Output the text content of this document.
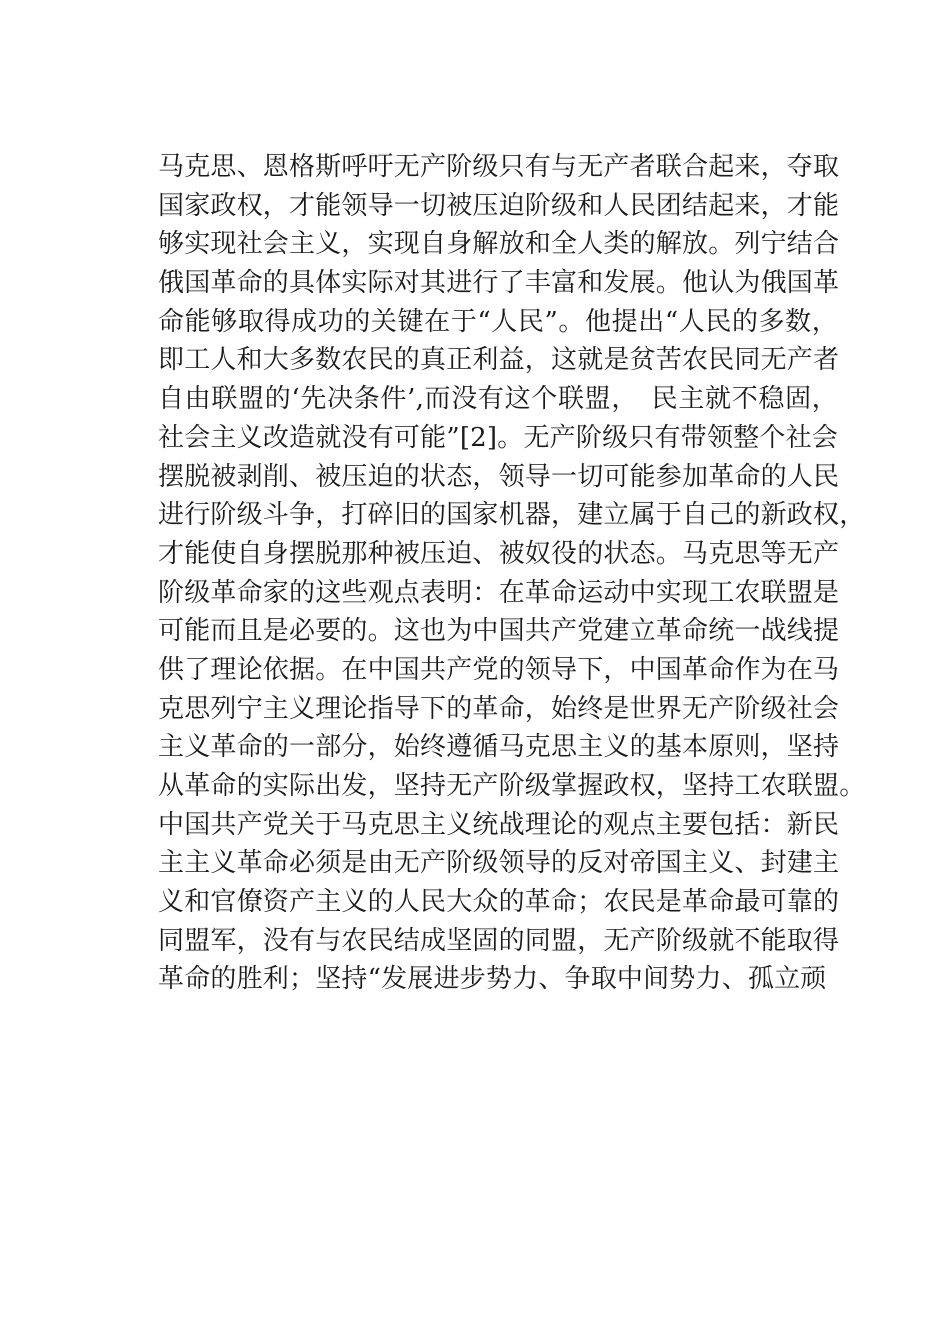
马克思、恩格斯呼吁无产阶级只有与无产者联合起来，夺取
国家政权，才能领导一切被压迫阶级和人民团结起来，才能
够实现社会主义，实现自身解放和全人类的解放。列宁结合
俄国革命的具体实际对其进行了丰富和发展。他认为俄国革
命能够取得成功的关键在于“人民”。他提出“人民的多数，
即工人和大多数农民的真正利益，这就是贫苦农民同无产者
自由联盟的‘先决条件’,而没有这个联盟，　民主就不稳固，
社会主义改造就没有可能”[2]。无产阶级只有带领整个社会
摆脱被剥削、被压迫的状态，领导一切可能参加革命的人民
进行阶级斗争，打碎旧的国家机器，建立属于自己的新政权，
才能使自身摆脱那种被压迫、被奴役的状态。马克思等无产
阶级革命家的这些观点表明：在革命运动中实现工农联盟是
可能而且是必要的。这也为中国共产党建立革命统一战线提
供了理论依据。在中国共产党的领导下，中国革命作为在马
克思列宁主义理论指导下的革命，始终是世界无产阶级社会
主义革命的一部分，始终遵循马克思主义的基本原则，坚持
从革命的实际出发，坚持无产阶级掌握政权，坚持工农联盟。
中国共产党关于马克思主义统战理论的观点主要包括：新民
主主义革命必须是由无产阶级领导的反对帝国主义、封建主
义和官僚资产主义的人民大众的革命；农民是革命最可靠的
同盟军，没有与农民结成坚固的同盟，无产阶级就不能取得
革命的胜利；坚持“发展进步势力、争取中间势力、孤立顽
